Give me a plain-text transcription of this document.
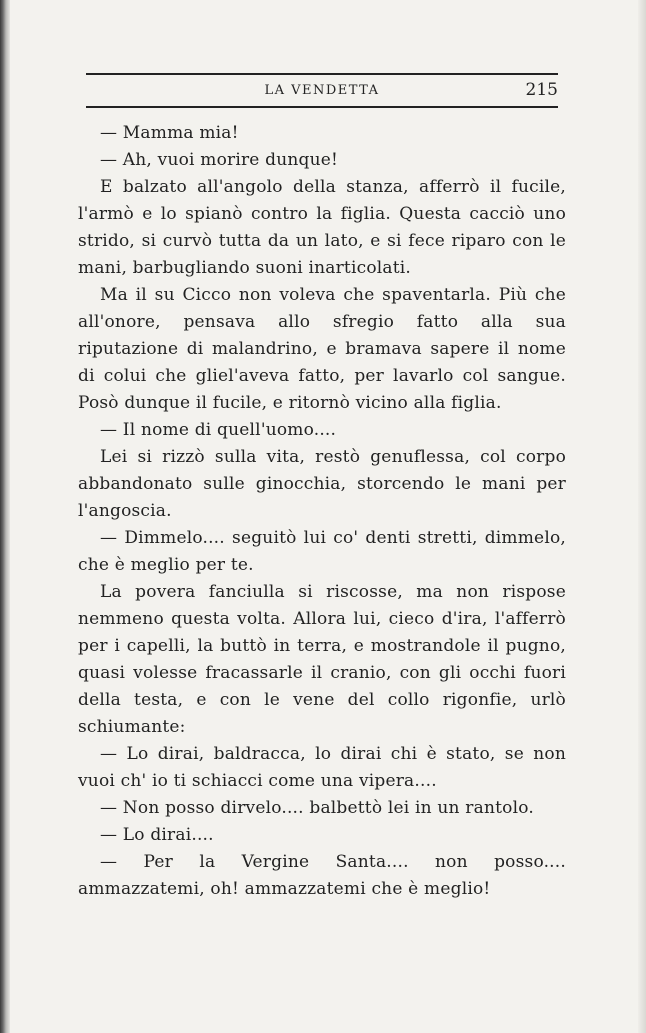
LA VENDETTA	215

— Mamma mia!

— Ah, vuoi morire dunque!

E balzato all'angolo della stanza, afferrò il fucile, l'armò e lo spianò contro la figlia. Questa cacciò uno strido, si curvò tutta da un lato, e si fece riparo con le mani, barbugliando suoni inarticolati.

Ma il su Cicco non voleva che spaventarla. Più che all'onore, pensava allo sfregio fatto alla sua riputazione di malandrino, e bramava sapere il nome di colui che gliel'aveva fatto, per lavarlo col sangue. Posò dunque il fucile, e ritornò vicino alla figlia.

— Il nome di quell'uomo....

Lei si rizzò sulla vita, restò genuflessa, col corpo abbandonato sulle ginocchia, storcendo le mani per l'angoscia.

— Dimmelo.... seguitò lui co' denti stretti, dimmelo, che è meglio per te.

La povera fanciulla si riscosse, ma non rispose nemmeno questa volta. Allora lui, cieco d'ira, l'afferrò per i capelli, la buttò in terra, e mostrandole il pugno, quasi volesse fracassarle il cranio, con gli occhi fuori della testa, e con le vene del collo rigonfie, urlò schiumante:

— Lo dirai, baldracca, lo dirai chi è stato, se non vuoi ch' io ti schiacci come una vipera....

— Non posso dirvelo.... balbettò lei in un rantolo.

— Lo dirai....

— Per la Vergine Santa.... non posso.... ammazzatemi, oh! ammazzatemi che è meglio!
